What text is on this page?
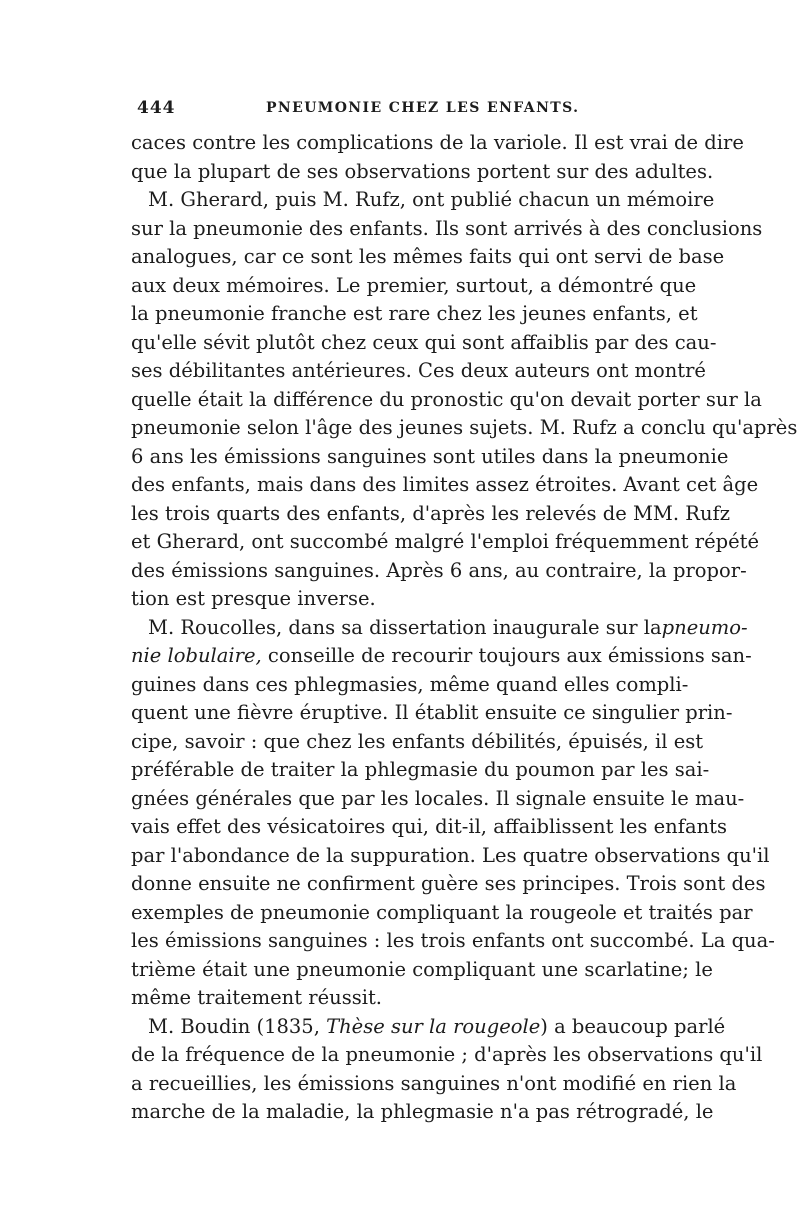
444	PNEUMONIE CHEZ LES ENFANTS.
caces contre les complications de la variole. Il est vrai de dire
que la plupart de ses observations portent sur des adultes.
M. Gherard, puis M. Rufz, ont publié chacun un mémoire
sur la pneumonie des enfants. Ils sont arrivés à des conclusions
analogues, car ce sont les mêmes faits qui ont servi de base
aux deux mémoires. Le premier, surtout, a démontré que
la pneumonie franche est rare chez les jeunes enfants, et
qu'elle sévit plutôt chez ceux qui sont affaiblis par des cau-
ses débilitantes antérieures. Ces deux auteurs ont montré
quelle était la différence du pronostic qu'on devait porter sur la
pneumonie selon l'âge des jeunes sujets. M. Rufz a conclu qu'après
6 ans les émissions sanguines sont utiles dans la pneumonie
des enfants, mais dans des limites assez étroites. Avant cet âge
les trois quarts des enfants, d'après les relevés de MM. Rufz
et Gherard, ont succombé malgré l'emploi fréquemment répété
des émissions sanguines. Après 6 ans, au contraire, la propor-
tion est presque inverse.
M. Roucolles, dans sa dissertation inaugurale sur lapneumo-
nie lobulaire, conseille de recourir toujours aux émissions san-
guines dans ces phlegmasies, même quand elles compli-
quent une fièvre éruptive. Il établit ensuite ce singulier prin-
cipe, savoir : que chez les enfants débilités, épuisés, il est
préférable de traiter la phlegmasie du poumon par les sai-
gnées générales que par les locales. Il signale ensuite le mau-
vais effet des vésicatoires qui, dit-il, affaiblissent les enfants
par l'abondance de la suppuration. Les quatre observations qu'il
donne ensuite ne confirment guère ses principes. Trois sont des
exemples de pneumonie compliquant la rougeole et traités par
les émissions sanguines : les trois enfants ont succombé. La qua-
trième était une pneumonie compliquant une scarlatine; le
même traitement réussit.
M. Boudin (1835, Thèse sur la rougeole) a beaucoup parlé
de la fréquence de la pneumonie ; d'après les observations qu'il
a recueillies, les émissions sanguines n'ont modifié en rien la
marche de la maladie, la phlegmasie n'a pas rétrogradé, le
